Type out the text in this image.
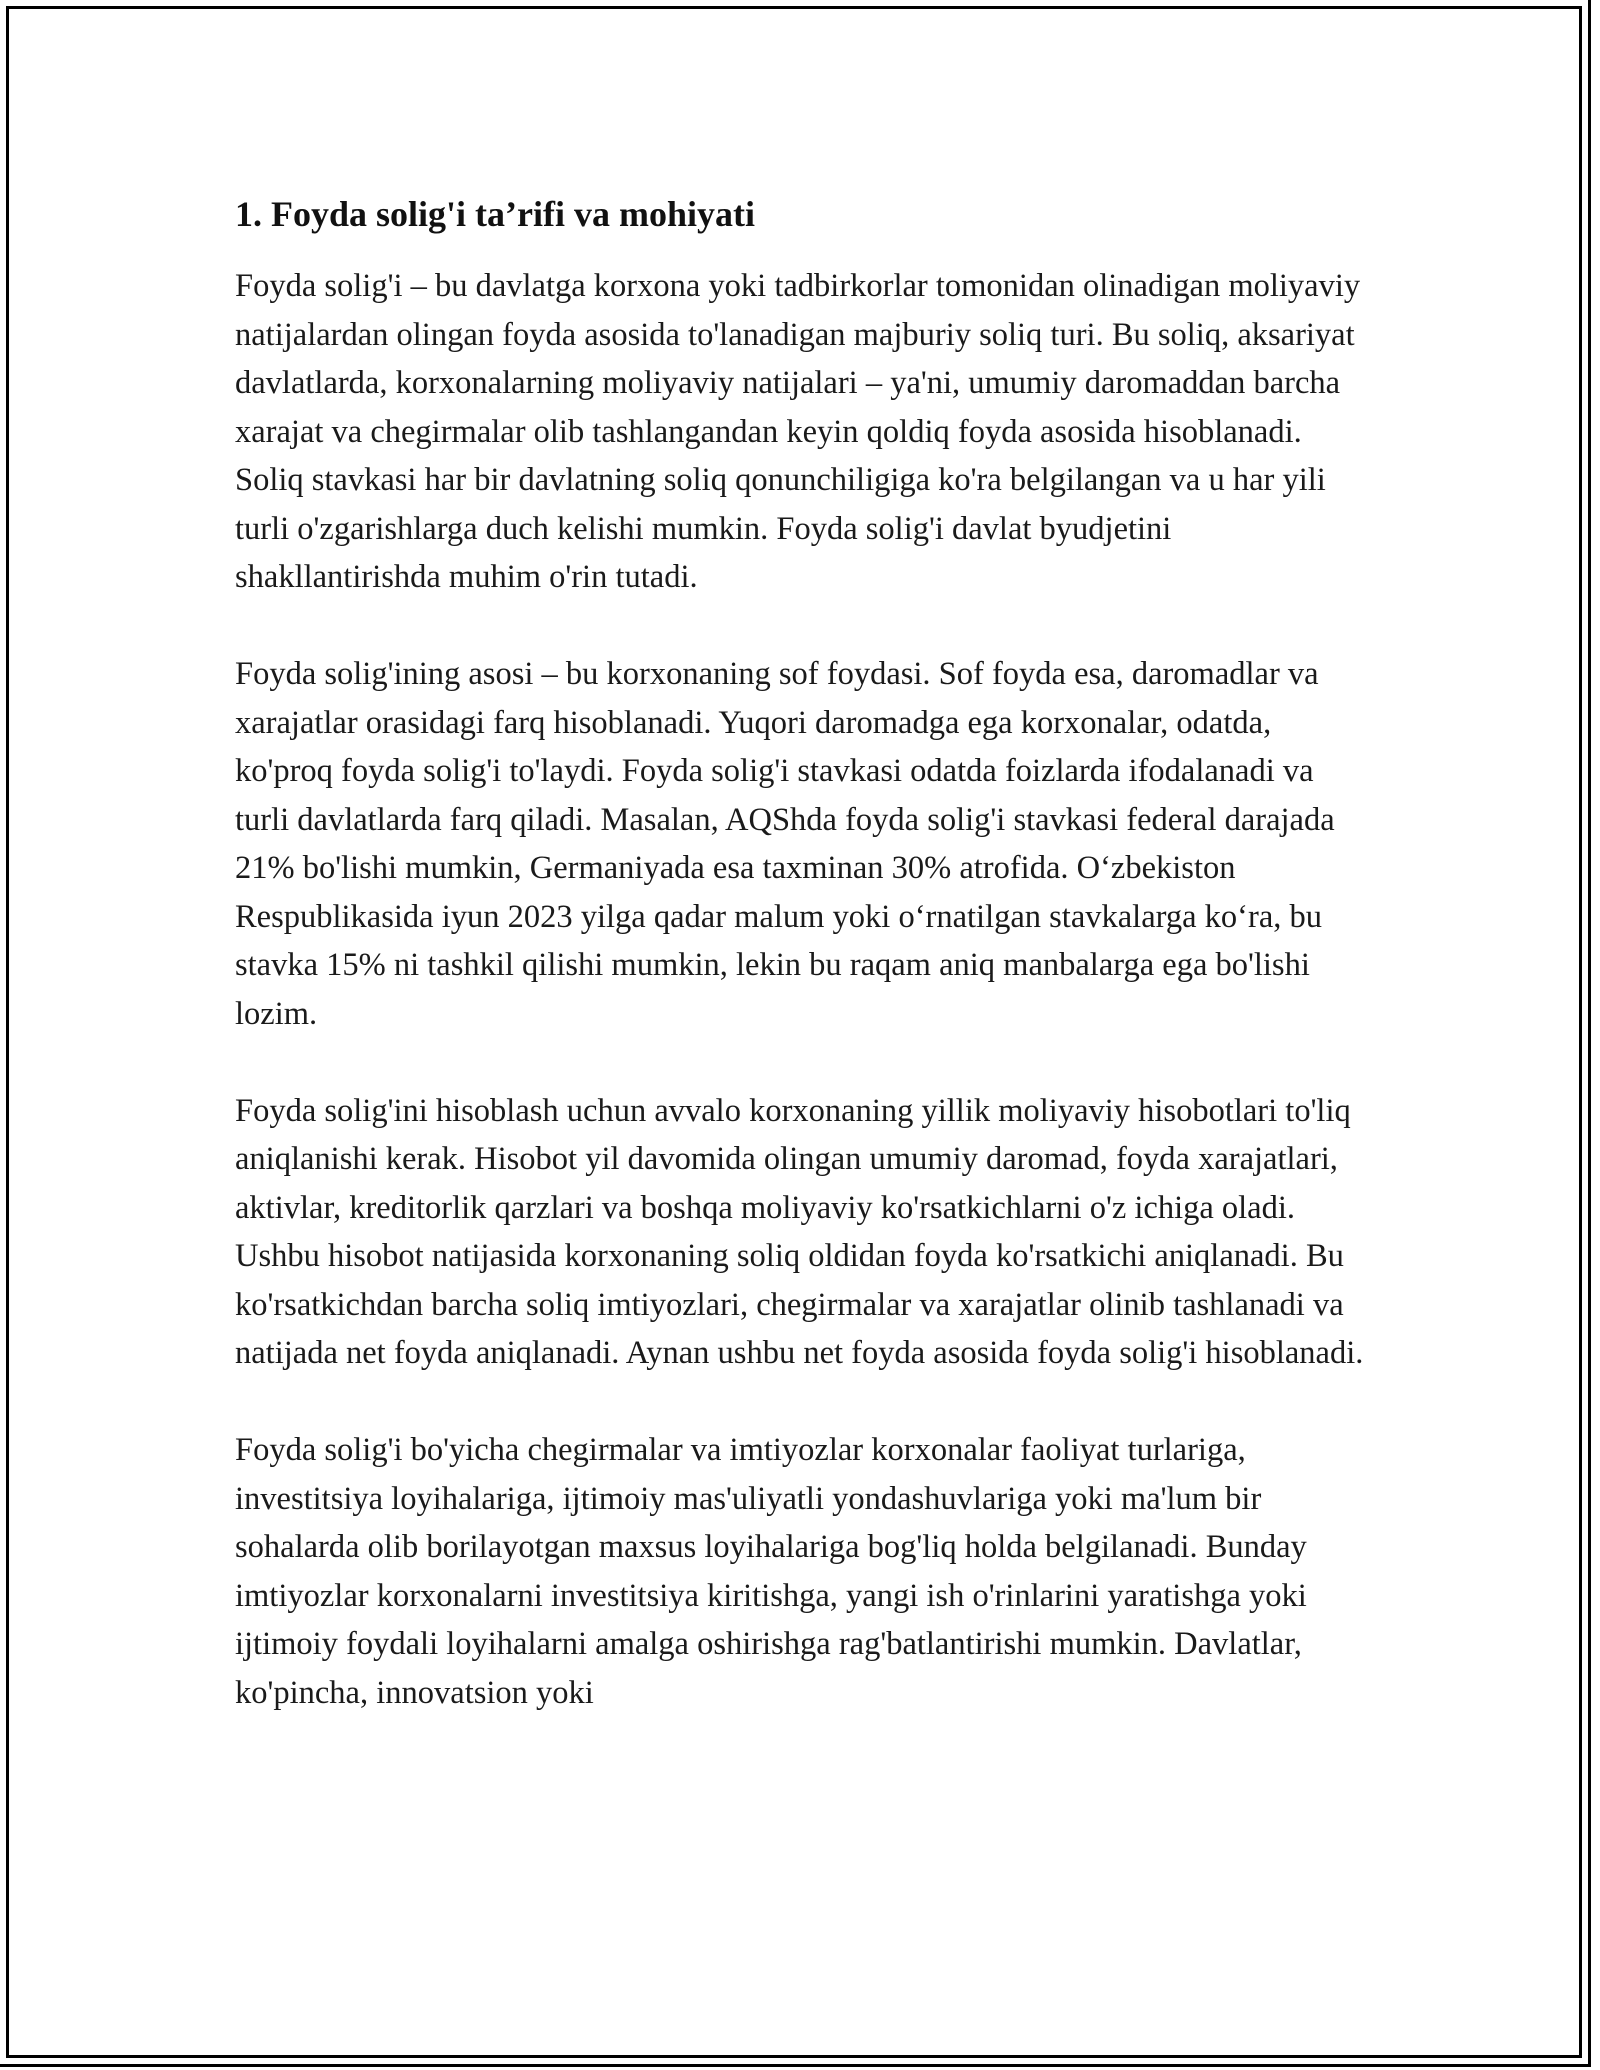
1. Foyda solig'i ta’rifi va mohiyati

Foyda solig'i – bu davlatga korxona yoki tadbirkorlar tomonidan olinadigan moliyaviy natijalardan olingan foyda asosida to'lanadigan majburiy soliq turi. Bu soliq, aksariyat davlatlarda, korxonalarning moliyaviy natijalari – ya'ni, umumiy daromaddan barcha xarajat va chegirmalar olib tashlangandan keyin qoldiq foyda asosida hisoblanadi. Soliq stavkasi har bir davlatning soliq qonunchiligiga ko'ra belgilangan va u har yili turli o'zgarishlarga duch kelishi mumkin. Foyda solig'i davlat byudjetini shakllantirishda muhim o'rin tutadi.

Foyda solig'ining asosi – bu korxonaning sof foydasi. Sof foyda esa, daromadlar va xarajatlar orasidagi farq hisoblanadi. Yuqori daromadga ega korxonalar, odatda, ko'proq foyda solig'i to'laydi. Foyda solig'i stavkasi odatda foizlarda ifodalanadi va turli davlatlarda farq qiladi. Masalan, AQShda foyda solig'i stavkasi federal darajada 21% bo'lishi mumkin, Germaniyada esa taxminan 30% atrofida. O‘zbekiston Respublikasida iyun 2023 yilga qadar malum yoki o‘rnatilgan stavkalarga ko‘ra, bu stavka 15% ni tashkil qilishi mumkin, lekin bu raqam aniq manbalarga ega bo'lishi lozim.

Foyda solig'ini hisoblash uchun avvalo korxonaning yillik moliyaviy hisobotlari to'liq aniqlanishi kerak. Hisobot yil davomida olingan umumiy daromad, foyda xarajatlari, aktivlar, kreditorlik qarzlari va boshqa moliyaviy ko'rsatkichlarni o'z ichiga oladi. Ushbu hisobot natijasida korxonaning soliq oldidan foyda ko'rsatkichi aniqlanadi. Bu ko'rsatkichdan barcha soliq imtiyozlari, chegirmalar va xarajatlar olinib tashlanadi va natijada net foyda aniqlanadi. Aynan ushbu net foyda asosida foyda solig'i hisoblanadi.

Foyda solig'i bo'yicha chegirmalar va imtiyozlar korxonalar faoliyat turlariga, investitsiya loyihalariga, ijtimoiy mas'uliyatli yondashuvlariga yoki ma'lum bir sohalarda olib borilayotgan maxsus loyihalariga bog'liq holda belgilanadi. Bunday imtiyozlar korxonalarni investitsiya kiritishga, yangi ish o'rinlarini yaratishga yoki ijtimoiy foydali loyihalarni amalga oshirishga rag'batlantirishi mumkin. Davlatlar, ko'pincha, innovatsion yoki
